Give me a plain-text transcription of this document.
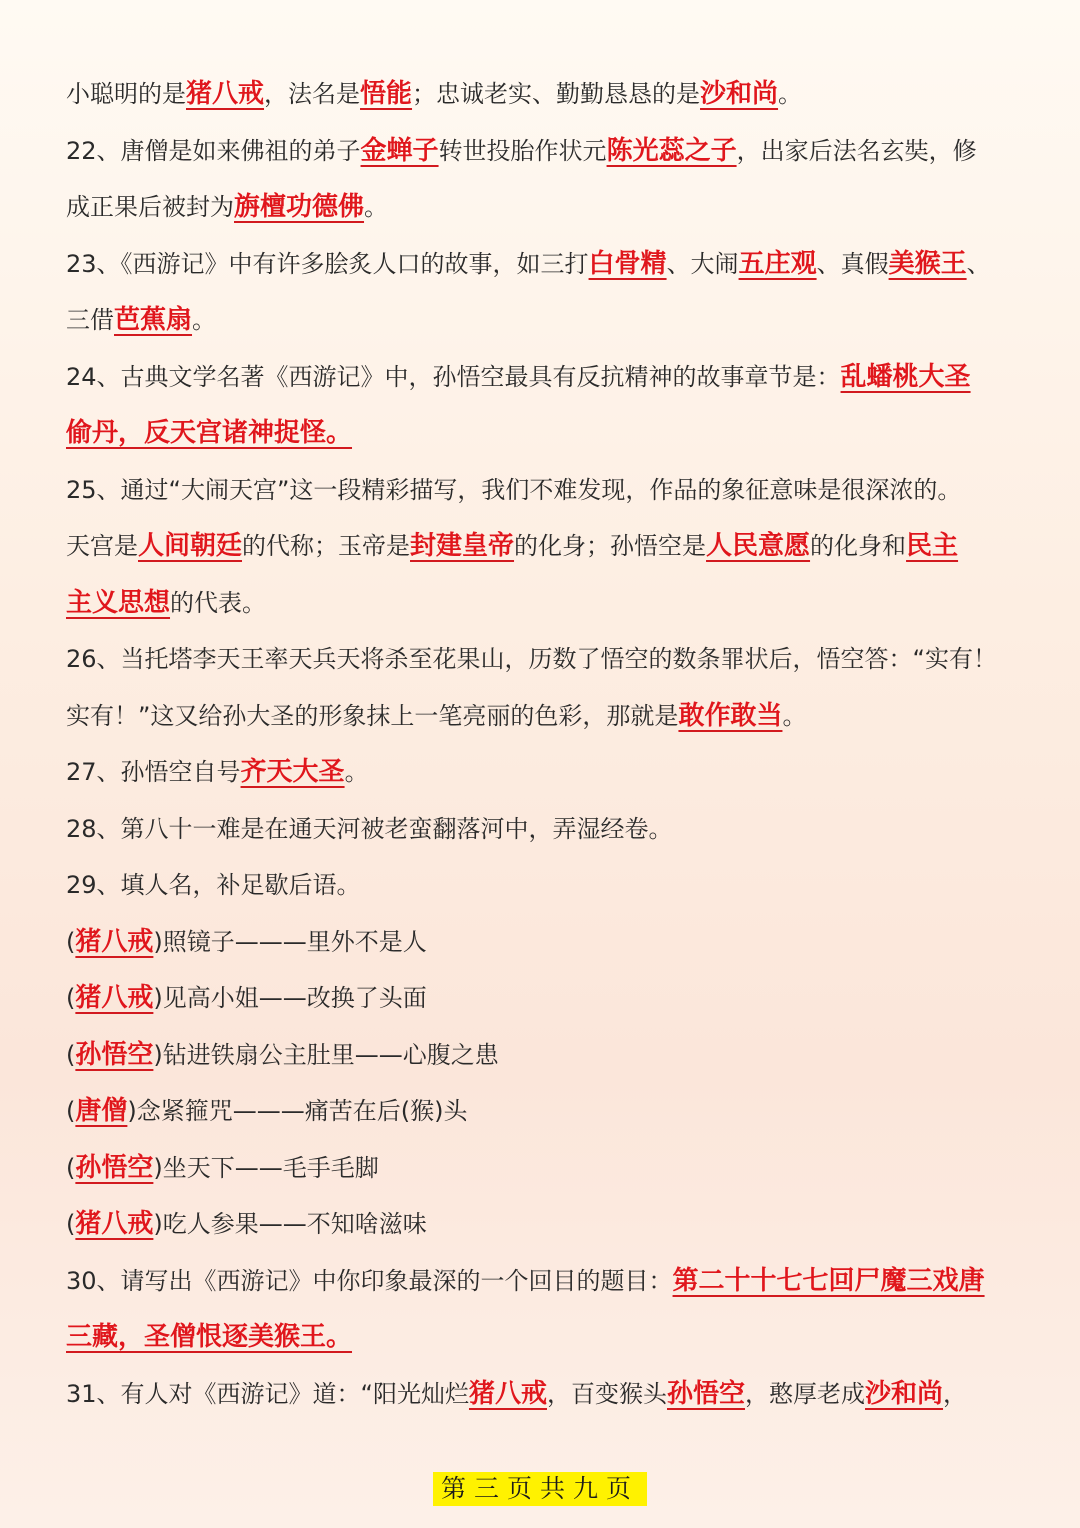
小聪明的是猪八戒，法名是悟能；忠诚老实、勤勤恳恳的是沙和尚。
22、唐僧是如来佛祖的弟子金蝉子转世投胎作状元陈光蕊之子，出家后法名玄奘，修
成正果后被封为旃檀功德佛。
23、《西游记》中有许多脍炙人口的故事，如三打白骨精、大闹五庄观、真假美猴王、
三借芭蕉扇。
24、古典文学名著《西游记》中，孙悟空最具有反抗精神的故事章节是：乱蟠桃大圣
偷丹，反天宫诸神捉怪。
25、通过“大闹天宫”这一段精彩描写，我们不难发现，作品的象征意味是很深浓的。
天宫是人间朝廷的代称；玉帝是封建皇帝的化身；孙悟空是人民意愿的化身和民主
主义思想的代表。
26、当托塔李天王率天兵天将杀至花果山，历数了悟空的数条罪状后，悟空答：“实有！
实有！”这又给孙大圣的形象抹上一笔亮丽的色彩，那就是敢作敢当。
27、孙悟空自号齐天大圣。
28、第八十一难是在通天河被老蛮翻落河中，弄湿经卷。
29、填人名，补足歇后语。
(猪八戒)照镜子———里外不是人
(猪八戒)见高小姐——改换了头面
(孙悟空)钻进铁扇公主肚里——心腹之患
(唐僧)念紧箍咒———痛苦在后(猴)头
(孙悟空)坐天下——毛手毛脚
(猪八戒)吃人参果——不知啥滋味
30、请写出《西游记》中你印象最深的一个回目的题目：第二十十七七回尸魔三戏唐
三藏，圣僧恨逐美猴王。
31、有人对《西游记》道：“阳光灿烂猪八戒，百变猴头孙悟空，憨厚老成沙和尚，
第三页共九页
